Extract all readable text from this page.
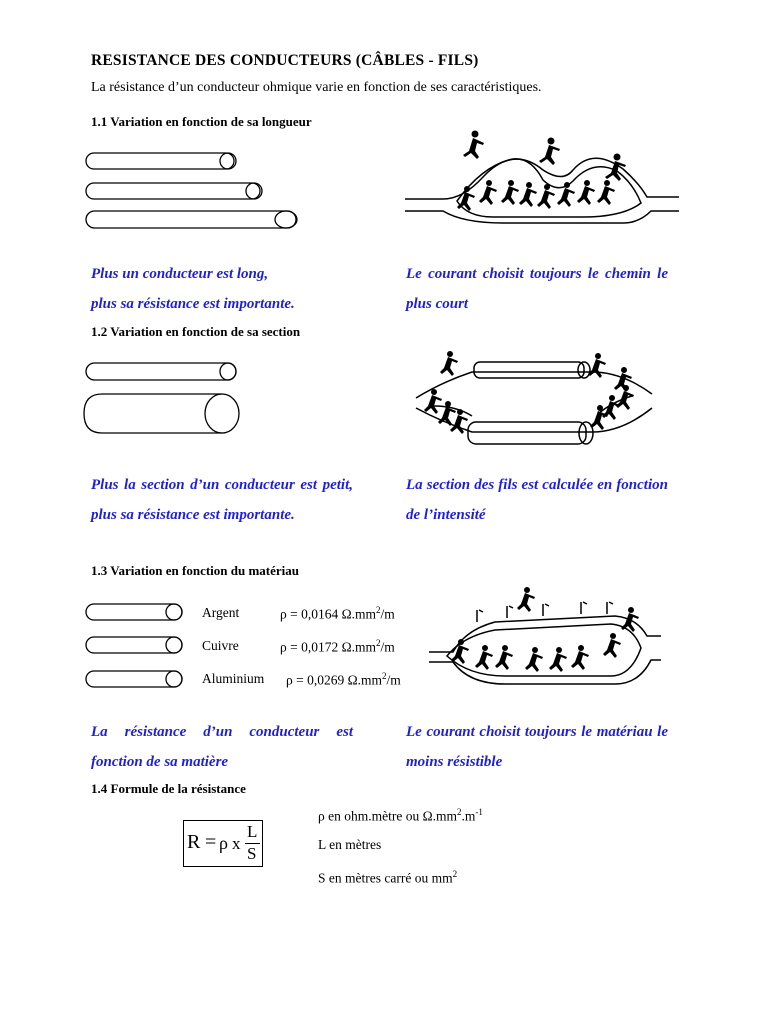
RESISTANCE DES CONDUCTEURS (CÂBLES - FILS)
La résistance d’un conducteur ohmique varie en fonction de ses caractéristiques.
1.1 Variation en fonction de sa longueur
Plus un conducteur est long,
plus sa résistance est importante.
Le courant choisit toujours le chemin le plus court
1.2 Variation en fonction de sa section
Plus la section d’un conducteur est petit, plus sa résistance est importante.
La section des fils est calculée en fonction de l’intensité
1.3 Variation en fonction du matériau
Argent	ρ = 0,0164 $\Omega.mm^2/m$
Cuivre	ρ = 0,0172 $\Omega.mm^2/m$
Aluminium ρ = 0,0269 $\Omega.mm^2/m$
La résistance d’un conducteur est fonction de sa matière
Le courant choisit toujours le matériau le moins résistible
1.4 Formule de la résistance
R = ρ x
L
S
ρ en ohm.mètre ou $\Omega.mm^2.m^{-1}$
L en mètres
S en mètres carré ou $mm^2$
